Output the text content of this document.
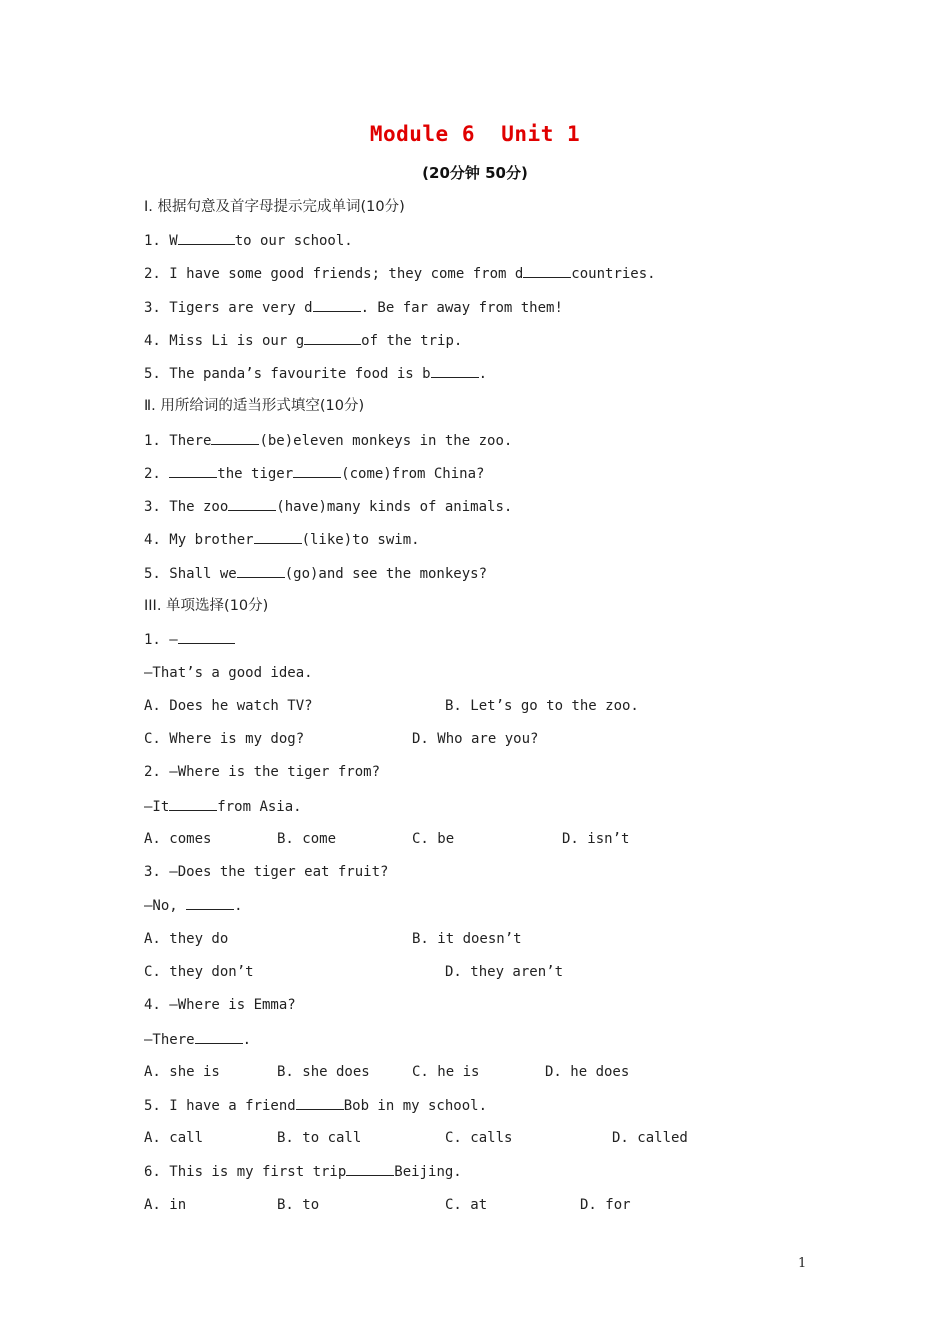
Module 6  Unit 1
(20分钟 50分)
Ⅰ. 根据句意及首字母提示完成单词(10分)
1. W	to our school.
2. I have some good friends; they come from d	countries.
3. Tigers are very d	. Be far away from them!
4. Miss Li is our g	of the trip.
5. The panda’s favourite food is b	.
Ⅱ. 用所给词的适当形式填空(10分)
1. There	(be)eleven monkeys in the zoo.
2.	the tiger	(come)from China?
3. The zoo	(have)many kinds of animals.
4. My brother	(like)to swim.
5. Shall we	(go)and see the monkeys?
III. 单项选择(10分)
1. —
—That’s a good idea.
A. Does he watch TV?	B. Let’s go to the zoo.
C. Where is my dog?	D. Who are you?
2. —Where is the tiger from?
—It	from Asia.
A. comes	B. come	C. be	D. isn’t
3. —Does the tiger eat fruit?
—No,	.
A. they do	B. it doesn’t
C. they don’t	D. they aren’t
4. —Where is Emma?
—There	.
A. she is	B. she does	C. he is	D. he does
5. I have a friend	Bob in my school.
A. call	B. to call	C. calls	D. called
6. This is my first trip	Beijing.
A. in	B. to	C. at	D. for
1
